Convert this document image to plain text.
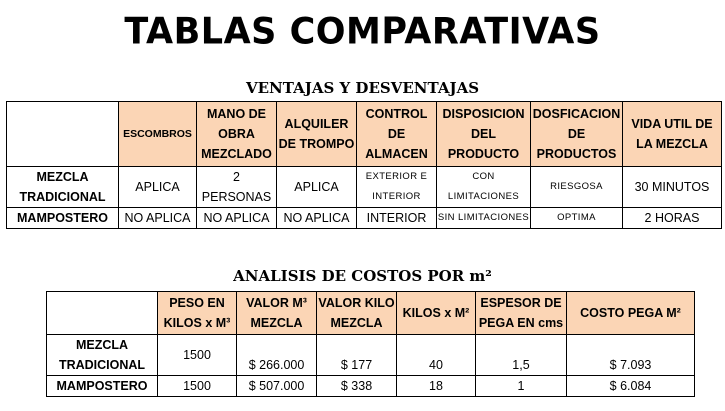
TABLAS COMPARATIVAS
VENTAJAS Y DESVENTAJAS
	ESCOMBROS	MANO DE OBRA MEZCLADO	ALQUILER DE TROMPO	CONTROL DE ALMACEN	DISPOSICION DEL PRODUCTO	DOSFICACION DE PRODUCTOS	VIDA UTIL DE LA MEZCLA
MEZCLA TRADICIONAL	APLICA	2 PERSONAS	APLICA	EXTERIOR E INTERIOR	CON LIMITACIONES	RIESGOSA	30 MINUTOS
MAMPOSTERO	NO APLICA	NO APLICA	NO APLICA	INTERIOR	SIN LIMITACIONES	OPTIMA	2 HORAS
ANALISIS DE COSTOS POR m²
	PESO EN KILOS x M³	VALOR M³ MEZCLA	VALOR KILO MEZCLA	KILOS x M²	ESPESOR DE PEGA EN cms	COSTO PEGA M²
MEZCLA TRADICIONAL	1500	$ 266.000	$ 177	40	1,5	$ 7.093
MAMPOSTERO	1500	$ 507.000	$ 338	18	1	$ 6.084
